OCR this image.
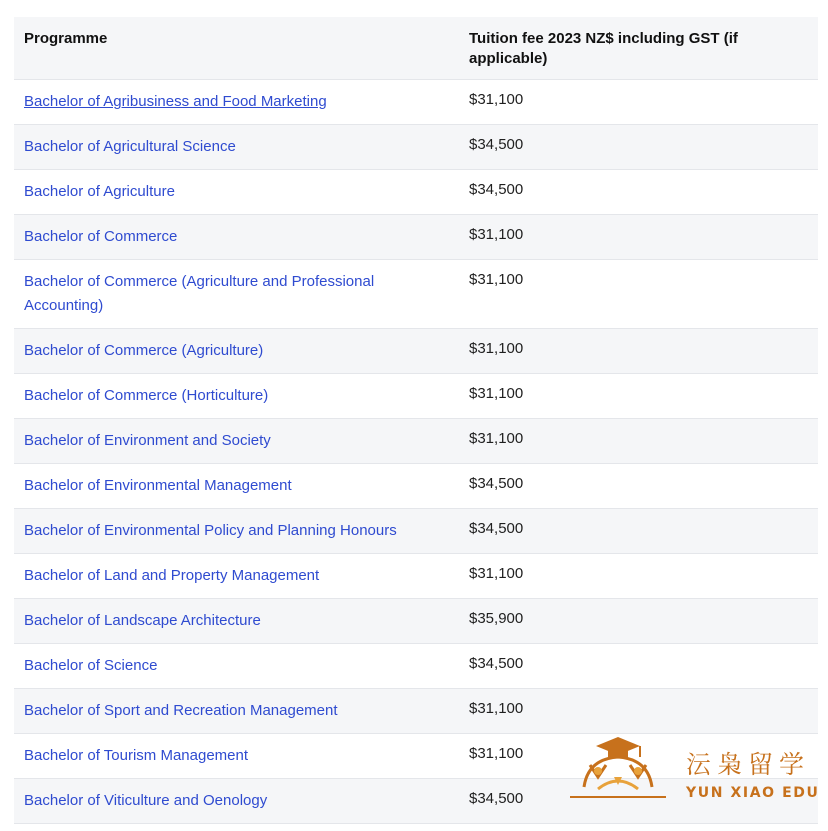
Programme	Tuition fee 2023 NZ$ including GST (if applicable)
Bachelor of Agribusiness and Food Marketing	$31,100

Bachelor of Agricultural Science	$34,500

Bachelor of Agriculture	$34,500

Bachelor of Commerce	$31,100

Bachelor of Commerce (Agriculture and Professional Accounting)	$31,100

Bachelor of Commerce (Agriculture)	$31,100

Bachelor of Commerce (Horticulture)	$31,100

Bachelor of Environment and Society	$31,100

Bachelor of Environmental Management	$34,500

Bachelor of Environmental Policy and Planning Honours	$34,500

Bachelor of Land and Property Management	$31,100

Bachelor of Landscape Architecture	$35,900

Bachelor of Science	$34,500

Bachelor of Sport and Recreation Management	$31,100

Bachelor of Tourism Management	$31,100

Bachelor of Viticulture and Oenology	$34,500
沄枭留学
YUN XIAO EDU
